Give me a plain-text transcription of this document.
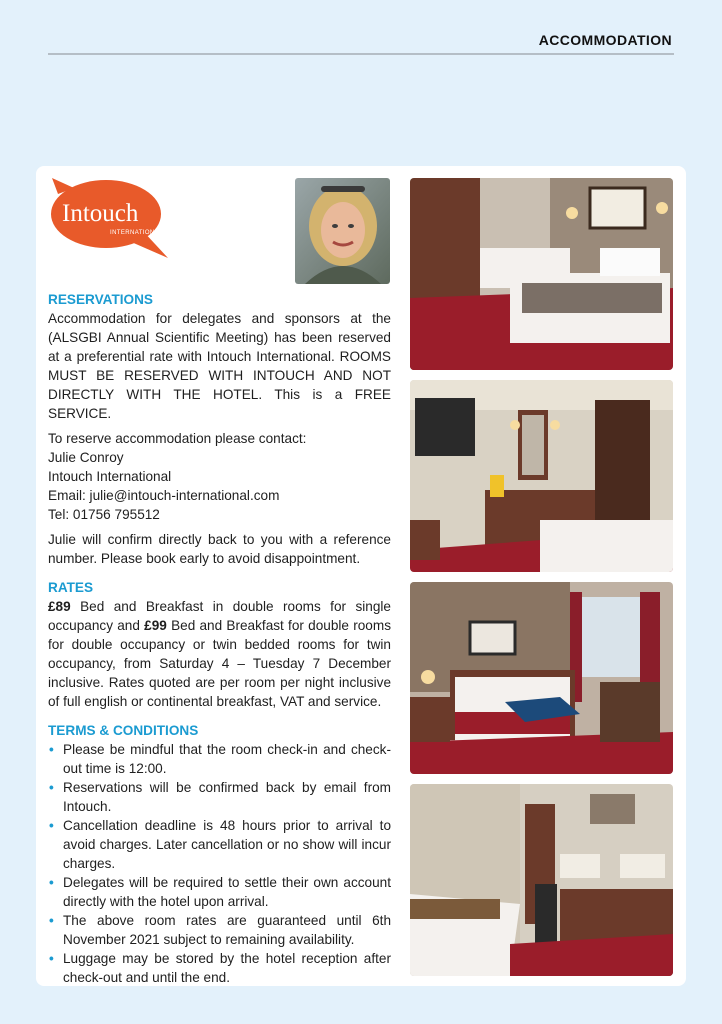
ACCOMMODATION
Intouch
INTERNATIONAL
RESERVATIONS

Accommodation for delegates and sponsors at the (ALSGBI Annual Scientific Meeting) has been reserved at a preferential rate with Intouch International. ROOMS MUST BE RESERVED WITH INTOUCH AND NOT DIRECTLY WITH THE HOTEL. This is a FREE SERVICE.

To reserve accommodation please contact:

Julie Conroy

Intouch International

Email: julie@intouch-international.com

Tel: 01756 795512

Julie will confirm directly back to you with a reference number. Please book early to avoid disappointment.

RATES

£89 Bed and Breakfast in double rooms for single occupancy and £99 Bed and Breakfast for double rooms for double occupancy or twin bedded rooms for twin occupancy, from Saturday 4 – Tuesday 7 December inclusive. Rates quoted are per room per night inclusive of full english or continental breakfast, VAT and service.

TERMS & CONDITIONS
• Please be mindful that the room check-in and check-out time is 12:00.
• Reservations will be confirmed back by email from Intouch.
• Cancellation deadline is 48 hours prior to arrival to avoid charges. Later cancellation or no show will incur charges.
• Delegates will be required to settle their own account directly with the hotel upon arrival.
• The above room rates are guaranteed until 6th November 2021 subject to remaining availability.
• Luggage may be stored by the hotel reception after check-out and until the end.
